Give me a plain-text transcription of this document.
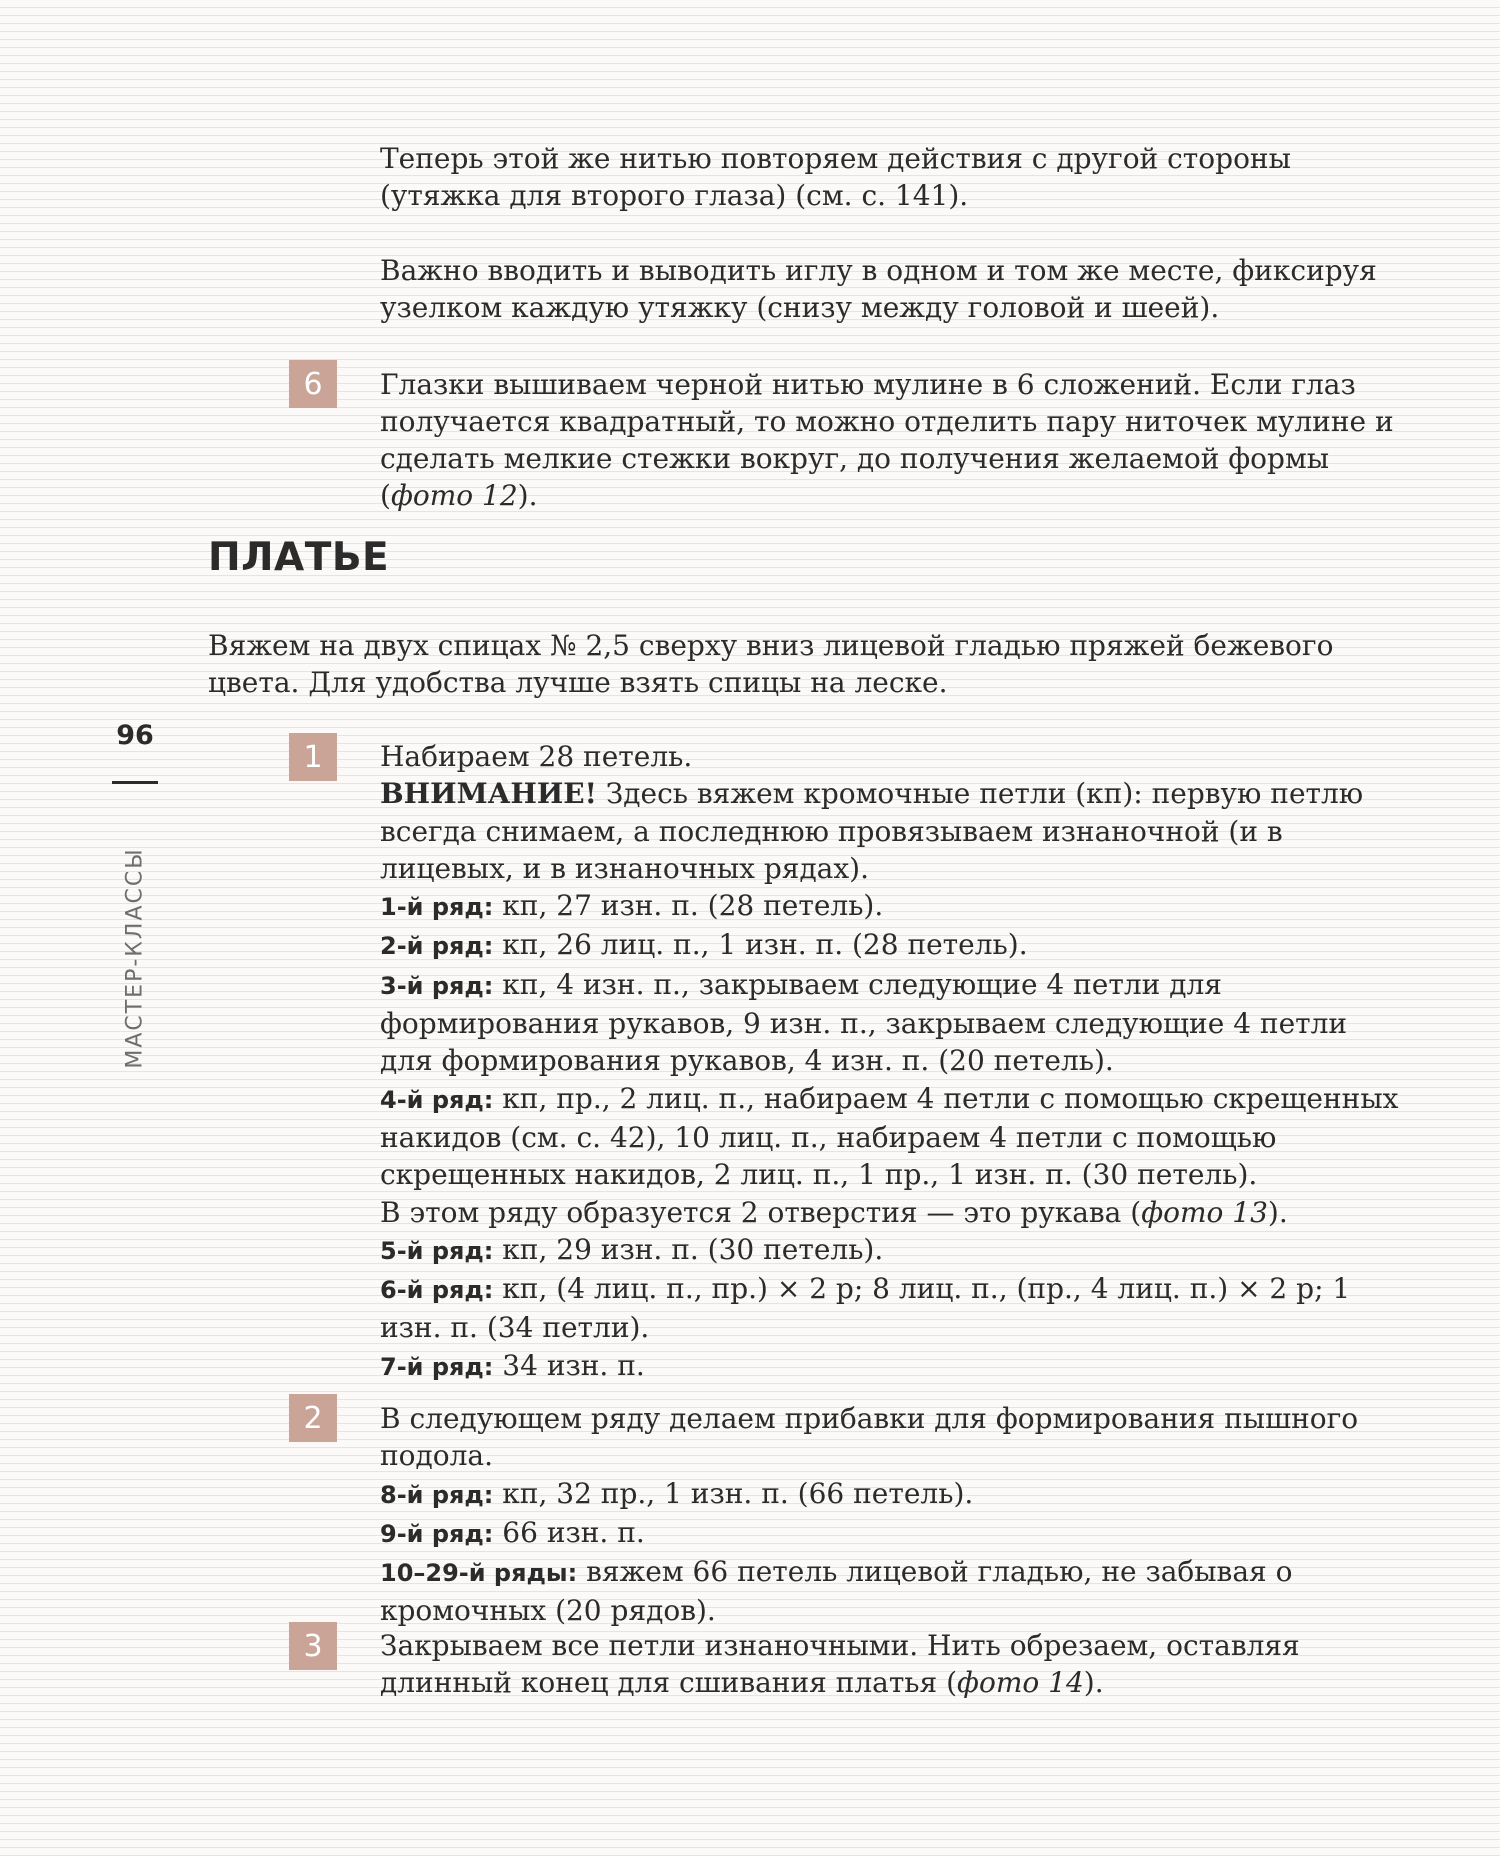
Теперь этой же нитью повторяем действия с другой стороны (утяжка для второго глаза) (см. с. 141).

Важно вводить и выводить иглу в одном и том же месте, фиксируя узелком каждую утяжку (снизу между головой и шеей).

6	Глазки вышиваем черной нитью мулине в 6 сложений. Если глаз получается квадратный, то можно отделить пару ниточек мулине и сделать мелкие стежки вокруг, до получения желаемой формы (фото 12).

ПЛАТЬЕ

Вяжем на двух спицах № 2,5 сверху вниз лицевой гладью пряжей бежевого цвета. Для удобства лучше взять спицы на леске.

96
МАСТЕР-КЛАССЫ
1	Набираем 28 петель.

ВНИМАНИЕ! Здесь вяжем кромочные петли (кп): первую петлю всегда снимаем, а последнюю провязываем изнаночной (и в лицевых, и в изнаночных рядах).

1-й ряд: кп, 27 изн. п. (28 петель).

2-й ряд: кп, 26 лиц. п., 1 изн. п. (28 петель).

3-й ряд: кп, 4 изн. п., закрываем следующие 4 петли для формирования рукавов, 9 изн. п., закрываем следующие 4 петли для формирования рукавов, 4 изн. п. (20 петель).

4-й ряд: кп, пр., 2 лиц. п., набираем 4 петли с помощью скрещенных накидов (см. с. 42), 10 лиц. п., набираем 4 петли с помощью скрещенных накидов, 2 лиц. п., 1 пр., 1 изн. п. (30 петель).

В этом ряду образуется 2 отверстия — это рукава (фото 13).

5-й ряд: кп, 29 изн. п. (30 петель).

6-й ряд: кп, (4 лиц. п., пр.) × 2 р; 8 лиц. п., (пр., 4 лиц. п.) × 2 р; 1 изн. п. (34 петли).

7-й ряд: 34 изн. п.

2	В следующем ряду делаем прибавки для формирования пышного подола.

8-й ряд: кп, 32 пр., 1 изн. п. (66 петель).

9-й ряд: 66 изн. п.

10–29-й ряды: вяжем 66 петель лицевой гладью, не забывая о кромочных (20 рядов).

3	Закрываем все петли изнаночными. Нить обрезаем, оставляя длинный конец для сшивания платья (фото 14).
